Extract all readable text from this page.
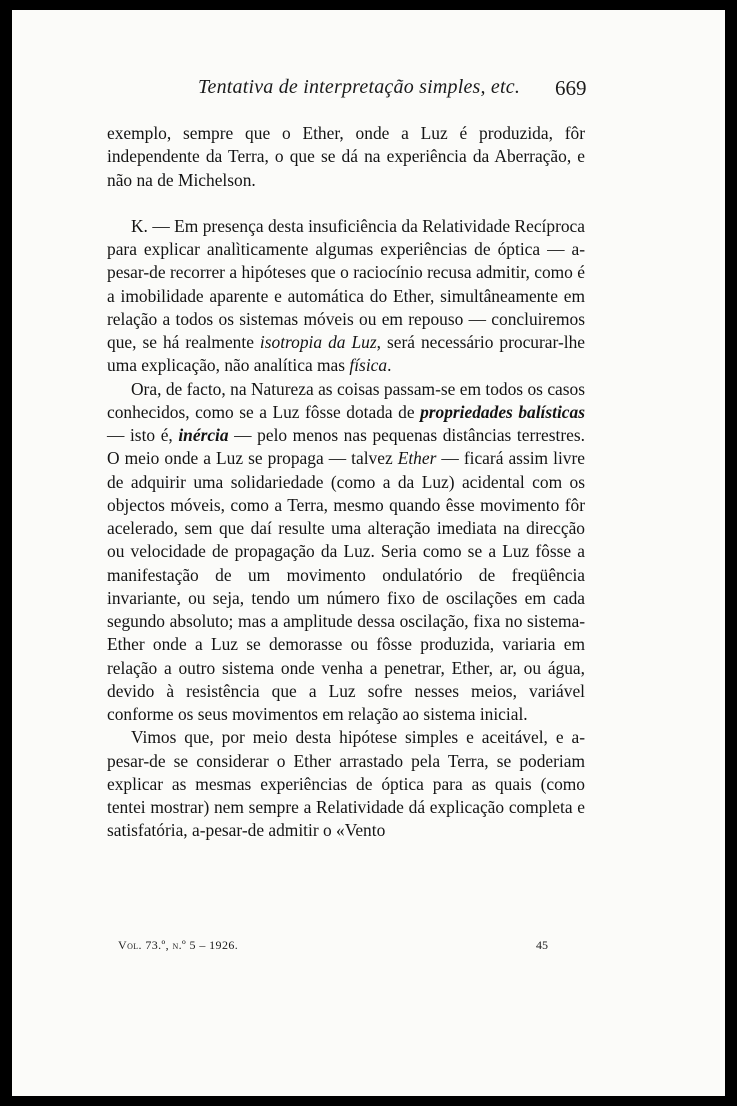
Tentativa de interpretação simples, etc. 669

exemplo, sempre que o Ether, onde a Luz é produzida, fôr independente da Terra, o que se dá na experiência da Aberração, e não na de Michelson.

K. — Em presença desta insuficiência da Relatividade Recíproca para explicar analìticamente algumas experiências de óptica — a-pesar-de recorrer a hipóteses que o raciocínio recusa admitir, como é a imobilidade aparente e automática do Ether, simultâneamente em relação a todos os sistemas móveis ou em repouso — concluiremos que, se há realmente isotropia da Luz, será necessário procurar-lhe uma explicação, não analítica mas física.

Ora, de facto, na Natureza as coisas passam-se em todos os casos conhecidos, como se a Luz fôsse dotada de propriedades balísticas — isto é, inércia — pelo menos nas pequenas distâncias terrestres. O meio onde a Luz se propaga — talvez Ether — ficará assim livre de adquirir uma solidariedade (como a da Luz) acidental com os objectos móveis, como a Terra, mesmo quando êsse movimento fôr acelerado, sem que daí resulte uma alteração imediata na direcção ou velocidade de propagação da Luz. Seria como se a Luz fôsse a manifestação de um movimento ondulatório de freqüência invariante, ou seja, tendo um número fixo de oscilações em cada segundo absoluto; mas a amplitude dessa oscilação, fixa no sistema-Ether onde a Luz se demorasse ou fôsse produzida, variaria em relação a outro sistema onde venha a penetrar, Ether, ar, ou água, devido à resistência que a Luz sofre nesses meios, variável conforme os seus movimentos em relação ao sistema inicial.

Vimos que, por meio desta hipótese simples e aceitável, e a-pesar-de se considerar o Ether arrastado pela Terra, se poderiam explicar as mesmas experiências de óptica para as quais (como tentei mostrar) nem sempre a Relatividade dá explicação completa e satisfatória, a-pesar-de admitir o «Vento

Vol. 73.º, n.º 5 – 1926.	45
